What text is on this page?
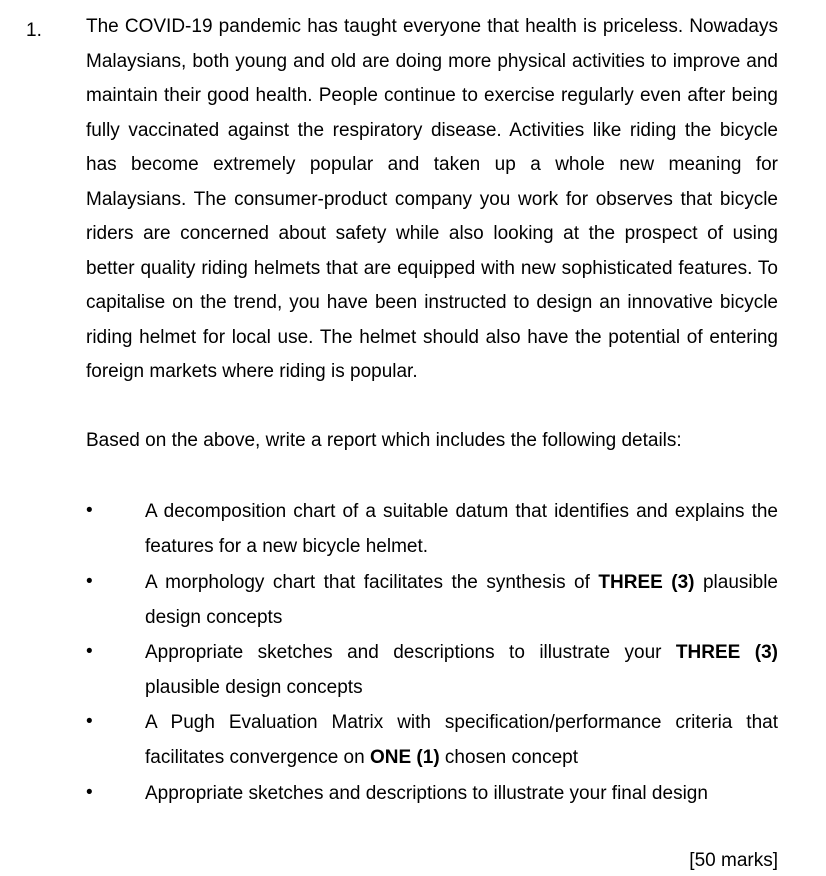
1. The COVID-19 pandemic has taught everyone that health is priceless. Nowadays Malaysians, both young and old are doing more physical activities to improve and maintain their good health. People continue to exercise regularly even after being fully vaccinated against the respiratory disease. Activities like riding the bicycle has become extremely popular and taken up a whole new meaning for Malaysians. The consumer-product company you work for observes that bicycle riders are concerned about safety while also looking at the prospect of using better quality riding helmets that are equipped with new sophisticated features. To capitalise on the trend, you have been instructed to design an innovative bicycle riding helmet for local use. The helmet should also have the potential of entering foreign markets where riding is popular.

Based on the above, write a report which includes the following details:

•	A decomposition chart of a suitable datum that identifies and explains the features for a new bicycle helmet.
•	A morphology chart that facilitates the synthesis of THREE (3) plausible design concepts
•	Appropriate sketches and descriptions to illustrate your THREE (3) plausible design concepts
•	A Pugh Evaluation Matrix with specification/performance criteria that facilitates convergence on ONE (1) chosen concept
•	Appropriate sketches and descriptions to illustrate your final design
[50 marks]
